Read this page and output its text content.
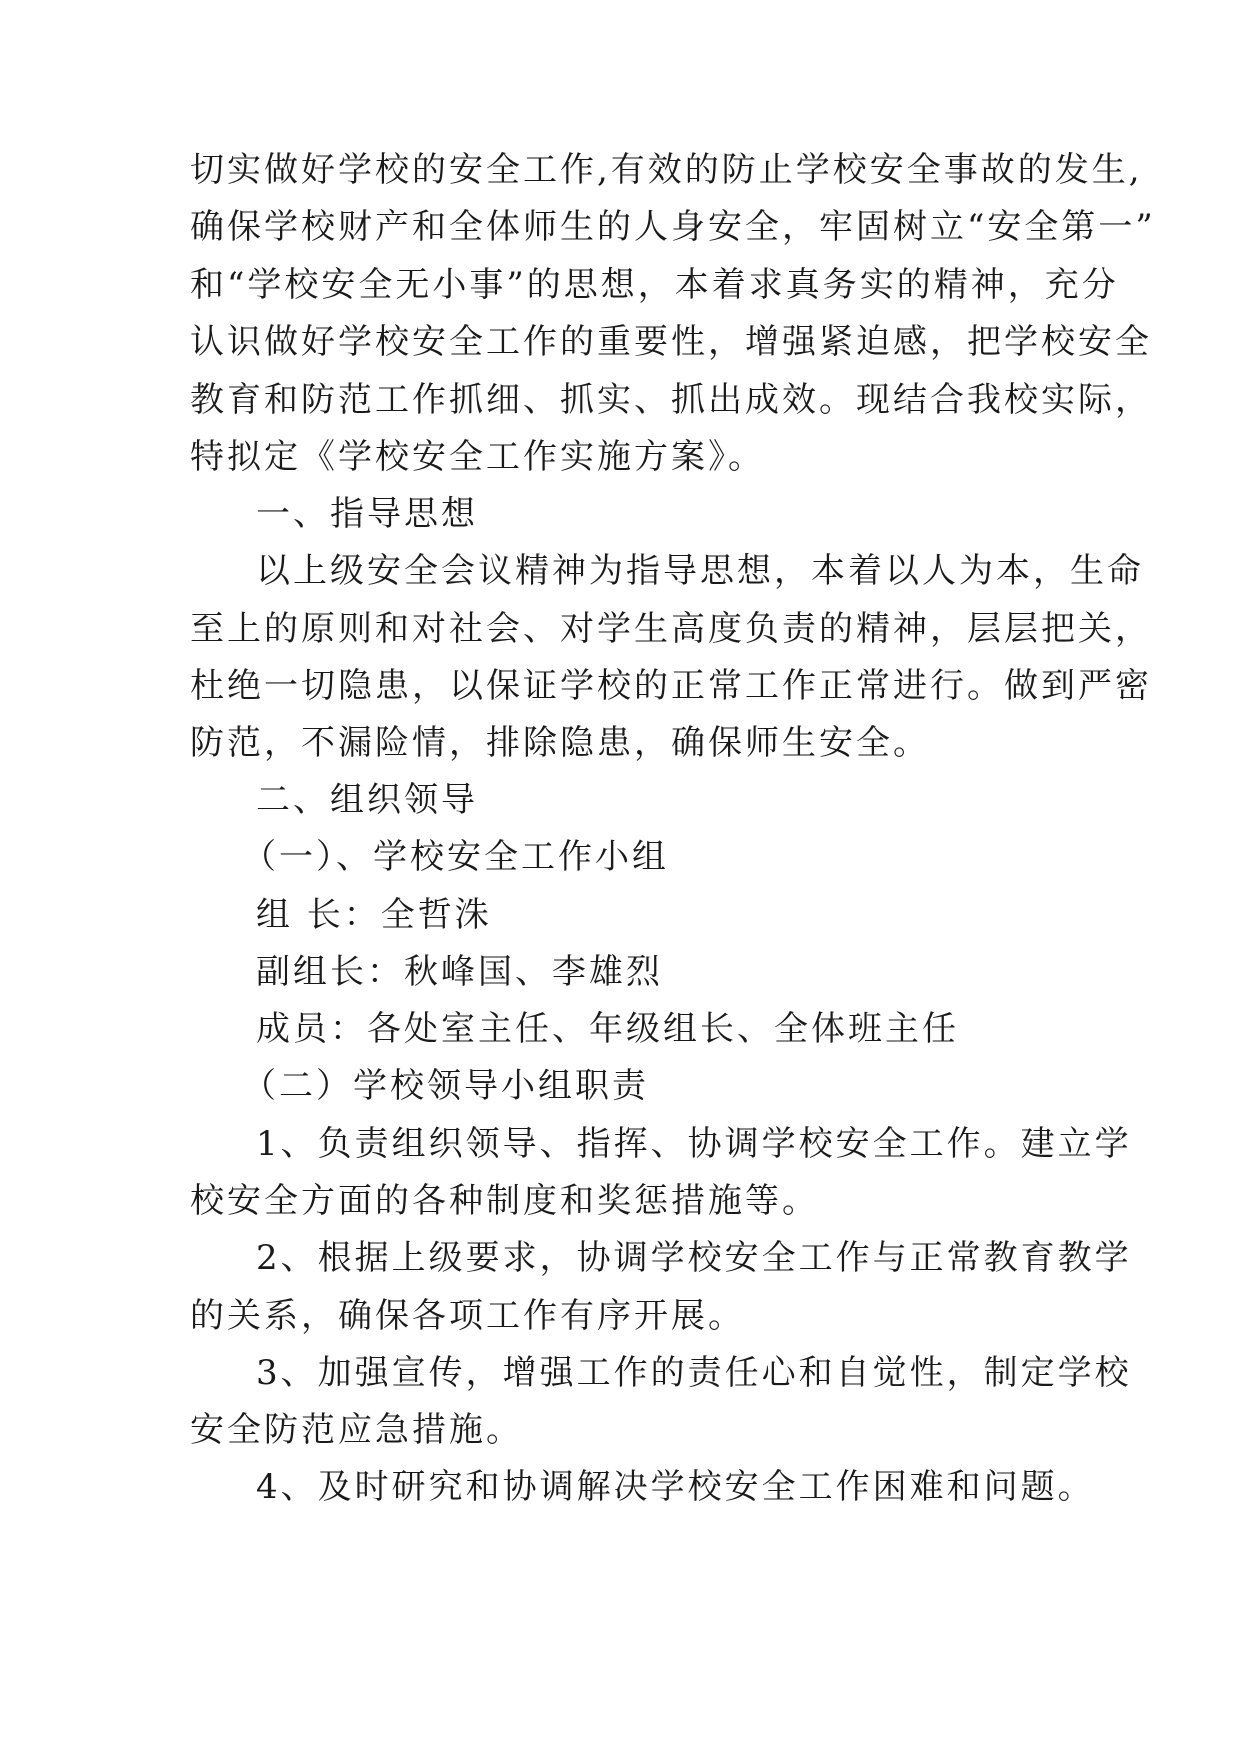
切实做好学校的安全工作,有效的防止学校安全事故的发生,
确保学校财产和全体师生的人身安全，牢固树立“安全第一”
和“学校安全无小事”的思想，本着求真务实的精神，充分
认识做好学校安全工作的重要性，增强紧迫感，把学校安全
教育和防范工作抓细、抓实、抓出成效。现结合我校实际，
特拟定《学校安全工作实施方案》。
一、指导思想
以上级安全会议精神为指导思想，本着以人为本，生命
至上的原则和对社会、对学生高度负责的精神，层层把关，
杜绝一切隐患，以保证学校的正常工作正常进行。做到严密
防范，不漏险情，排除隐患，确保师生安全。
二、组织领导
（一）、学校安全工作小组
组 长：全哲洙
副组长：秋峰国、李雄烈
成员：各处室主任、年级组长、全体班主任
（二）学校领导小组职责
1、负责组织领导、指挥、协调学校安全工作。建立学
校安全方面的各种制度和奖惩措施等。
2、根据上级要求，协调学校安全工作与正常教育教学
的关系，确保各项工作有序开展。
3、加强宣传，增强工作的责任心和自觉性，制定学校
安全防范应急措施。
4、及时研究和协调解决学校安全工作困难和问题。
